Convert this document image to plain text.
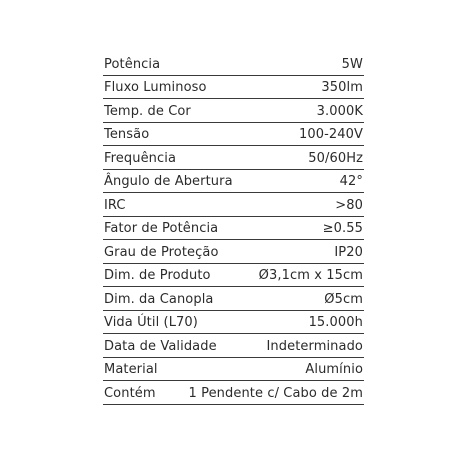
Potência	5W
Fluxo Luminoso	350lm
Temp. de Cor	3.000K
Tensão	100-240V
Frequência	50/60Hz
Ângulo de Abertura	42°
IRC	>80
Fator de Potência	≥0.55
Grau de Proteção	IP20
Dim. de Produto	Ø3,1cm x 15cm
Dim. da Canopla	Ø5cm
Vida Útil (L70)	15.000h
Data de Validade	Indeterminado
Material	Alumínio
Contém	1 Pendente c/ Cabo de 2m
